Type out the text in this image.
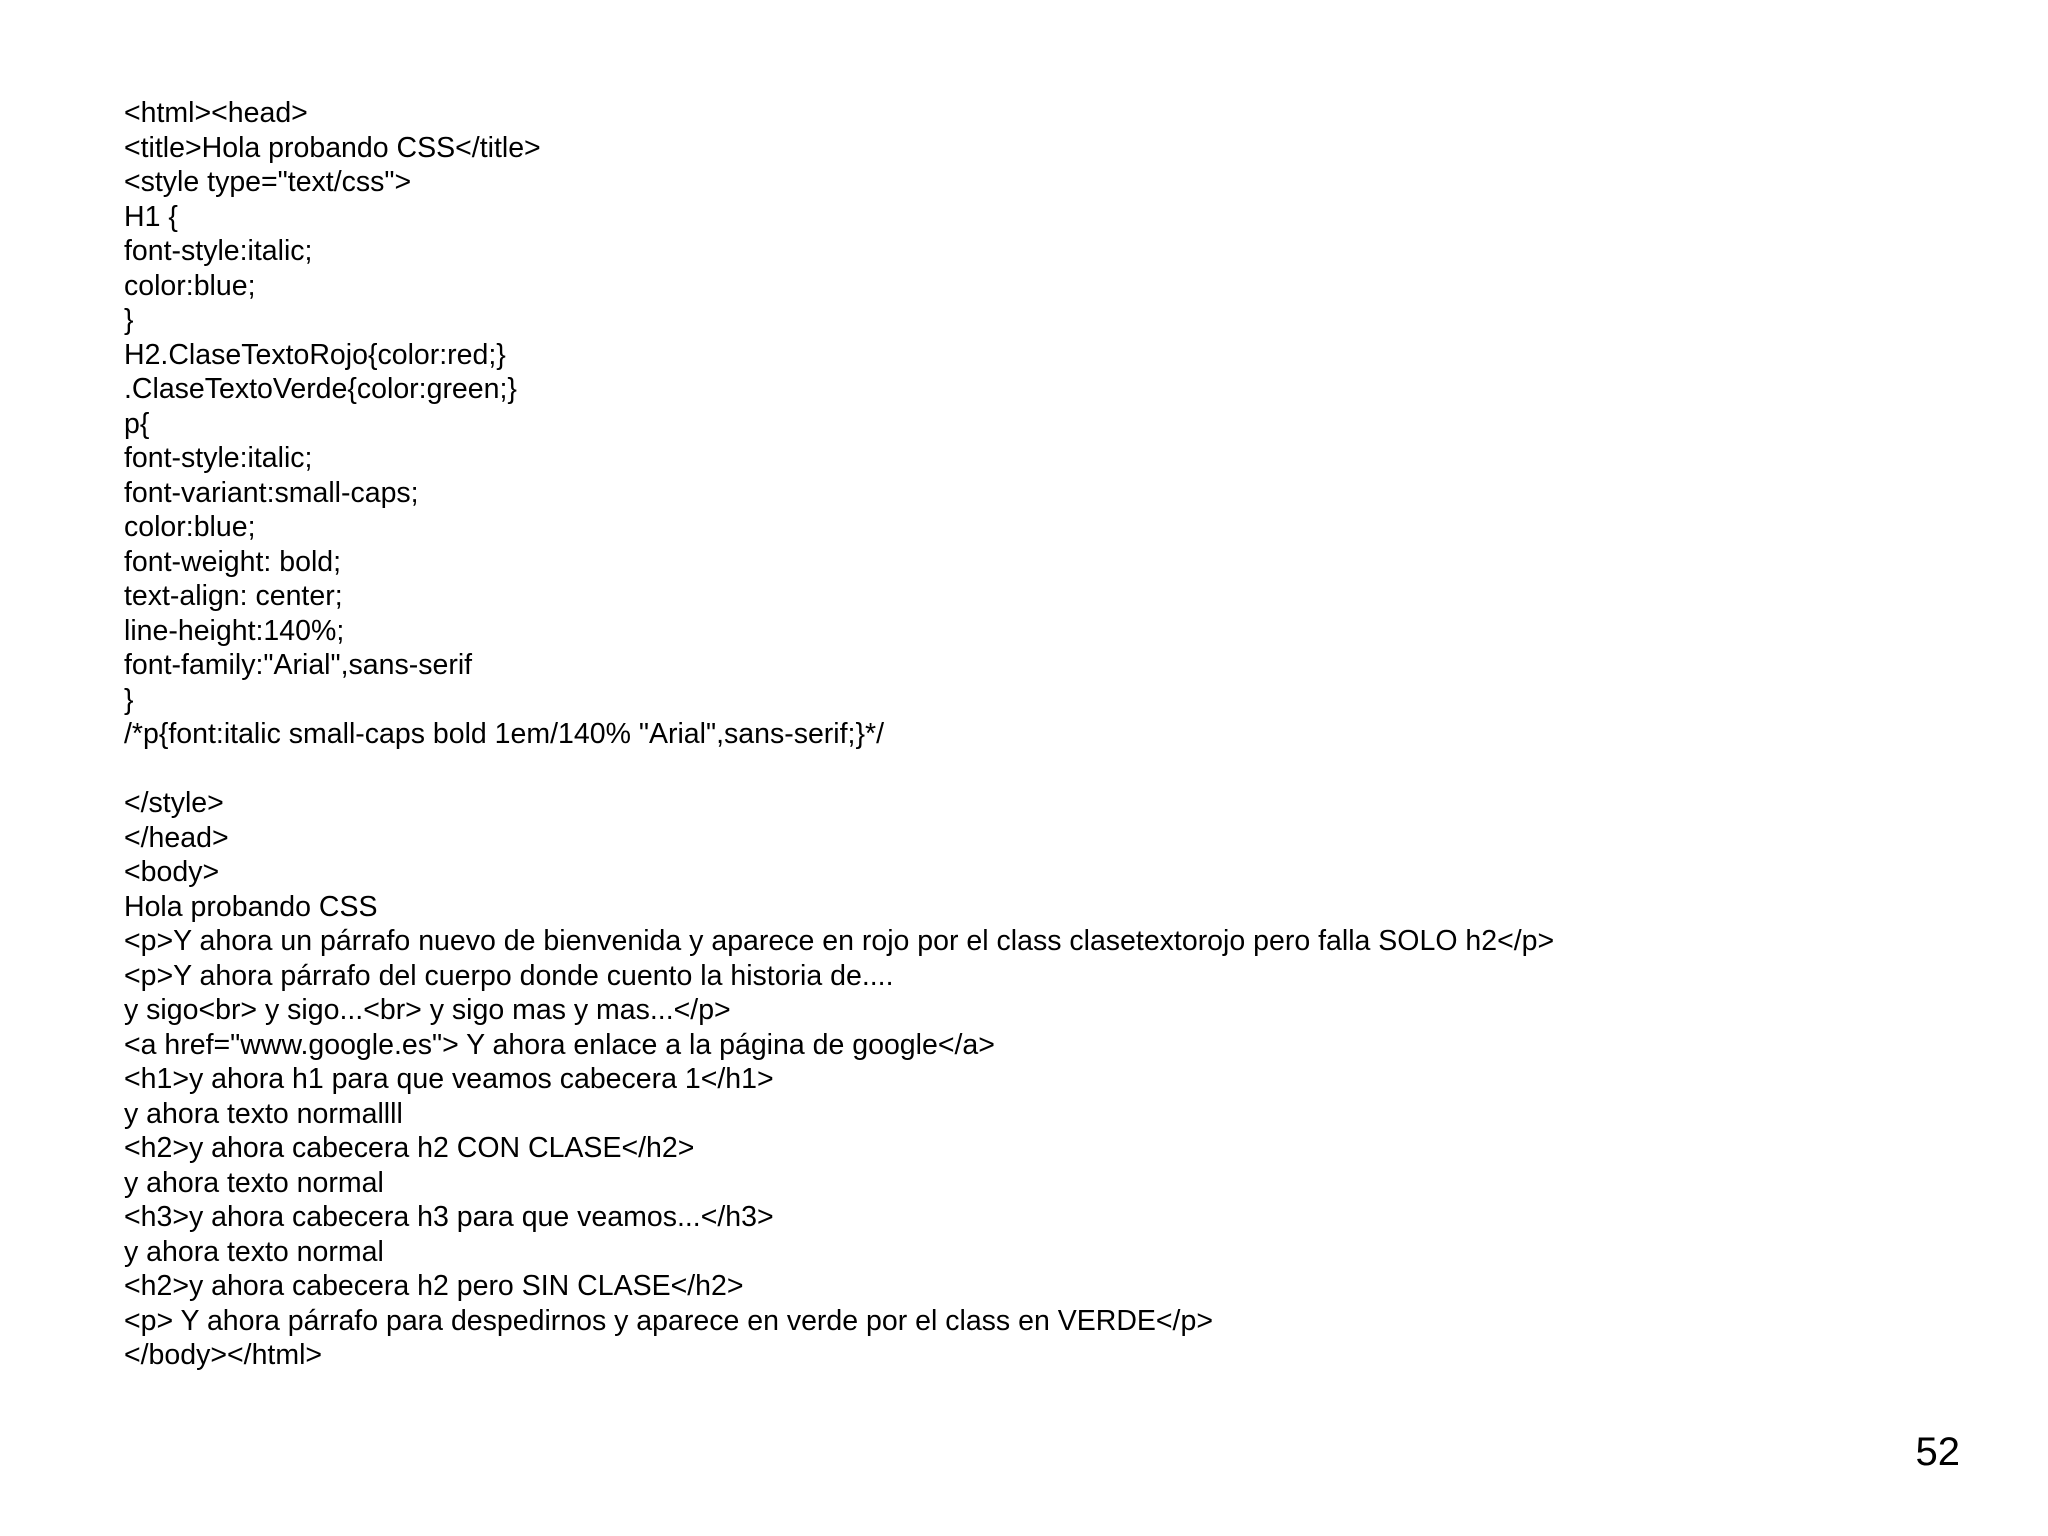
<html><head>
<title>Hola probando CSS</title>
<style type="text/css">
H1 {
font-style:italic;
color:blue;
}
H2.ClaseTextoRojo{color:red;}
.ClaseTextoVerde{color:green;}
p{
font-style:italic;
font-variant:small-caps;
color:blue;
font-weight: bold;
text-align: center;
line-height:140%;
font-family:"Arial",sans-serif
}
/*p{font:italic small-caps bold 1em/140% "Arial",sans-serif;}*/
</style>
</head>
<body>
Hola probando CSS
<p>Y ahora un párrafo nuevo de bienvenida y aparece en rojo por el class clasetextorojo pero falla SOLO h2</p>
<p>Y ahora párrafo del cuerpo donde cuento la historia de....
y sigo<br> y sigo...<br> y sigo mas y mas...</p>
<a href="www.google.es"> Y ahora enlace a la página de google</a>
<h1>y ahora h1 para que veamos cabecera 1</h1>
y ahora texto normallll
<h2>y ahora cabecera h2 CON CLASE</h2>
y ahora texto normal
<h3>y ahora cabecera h3 para que veamos...</h3>
y ahora texto normal
<h2>y ahora cabecera h2 pero SIN CLASE</h2>
<p> Y ahora párrafo para despedirnos y aparece en verde por el class en VERDE</p>
</body></html>
52
